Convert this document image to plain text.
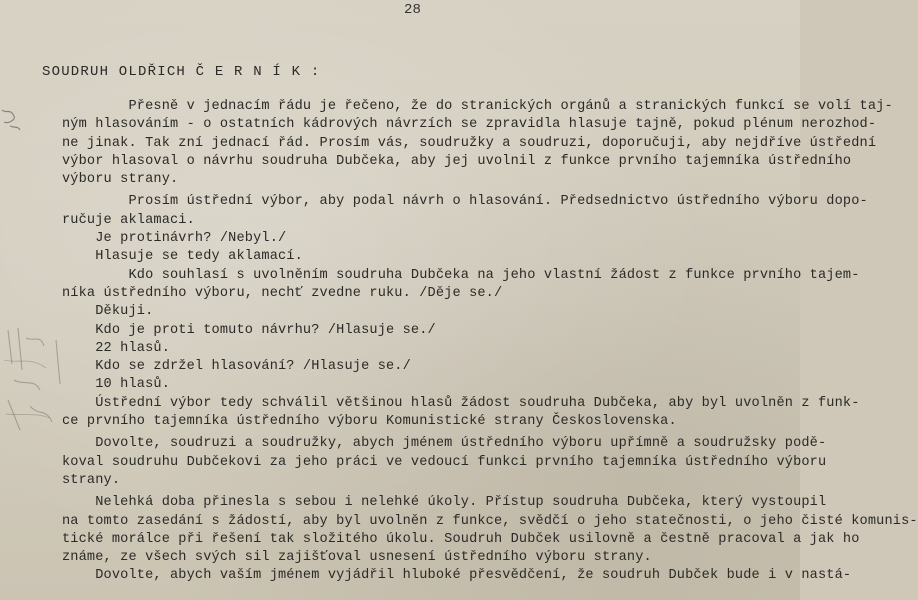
28
SOUDRUH OLDŘICH Č E R N Í K :
Přesně v jednacím řádu je řečeno, že do stranických orgánů a stranických funkcí se volí taj-
ným hlasováním - o ostatních kádrových návrzích se zpravidla hlasuje tajně, pokud plénum nerozhod-
ne jinak. Tak zní jednací řád. Prosím vás, soudružky a soudruzi, doporučuji, aby nejdříve ústřední
výbor hlasoval o návrhu soudruha Dubčeka, aby jej uvolnil z funkce prvního tajemníka ústředního
výboru strany.
Prosím ústřední výbor, aby podal návrh o hlasování. Předsednictvo ústředního výboru dopo-
ručuje aklamaci.
Je protinávrh? /Nebyl./
Hlasuje se tedy aklamací.
Kdo souhlasí s uvolněním soudruha Dubčeka na jeho vlastní žádost z funkce prvního tajem-
níka ústředního výboru, nechť zvedne ruku. /Děje se./
Děkuji.
Kdo je proti tomuto návrhu? /Hlasuje se./
22 hlasů.
Kdo se zdržel hlasování? /Hlasuje se./
10 hlasů.
Ústřední výbor tedy schválil většinou hlasů žádost soudruha Dubčeka, aby byl uvolněn z funk-
ce prvního tajemníka ústředního výboru Komunistické strany Československa.
Dovolte, soudruzi a soudružky, abych jménem ústředního výboru upřímně a soudružsky podě-
koval soudruhu Dubčekovi za jeho práci ve vedoucí funkci prvního tajemníka ústředního výboru
strany.
Nelehká doba přinesla s sebou i nelehké úkoly. Přístup soudruha Dubčeka, který vystoupil
na tomto zasedání s žádostí, aby byl uvolněn z funkce, svědčí o jeho statečnosti, o jeho čisté komunis-
tické morálce při řešení tak složitého úkolu. Soudruh Dubček usilovně a čestně pracoval a jak ho
známe, ze všech svých sil zajišťoval usnesení ústředního výboru strany.
Dovolte, abych vaším jménem vyjádřil hluboké přesvědčení, že soudruh Dubček bude i v nastá-
